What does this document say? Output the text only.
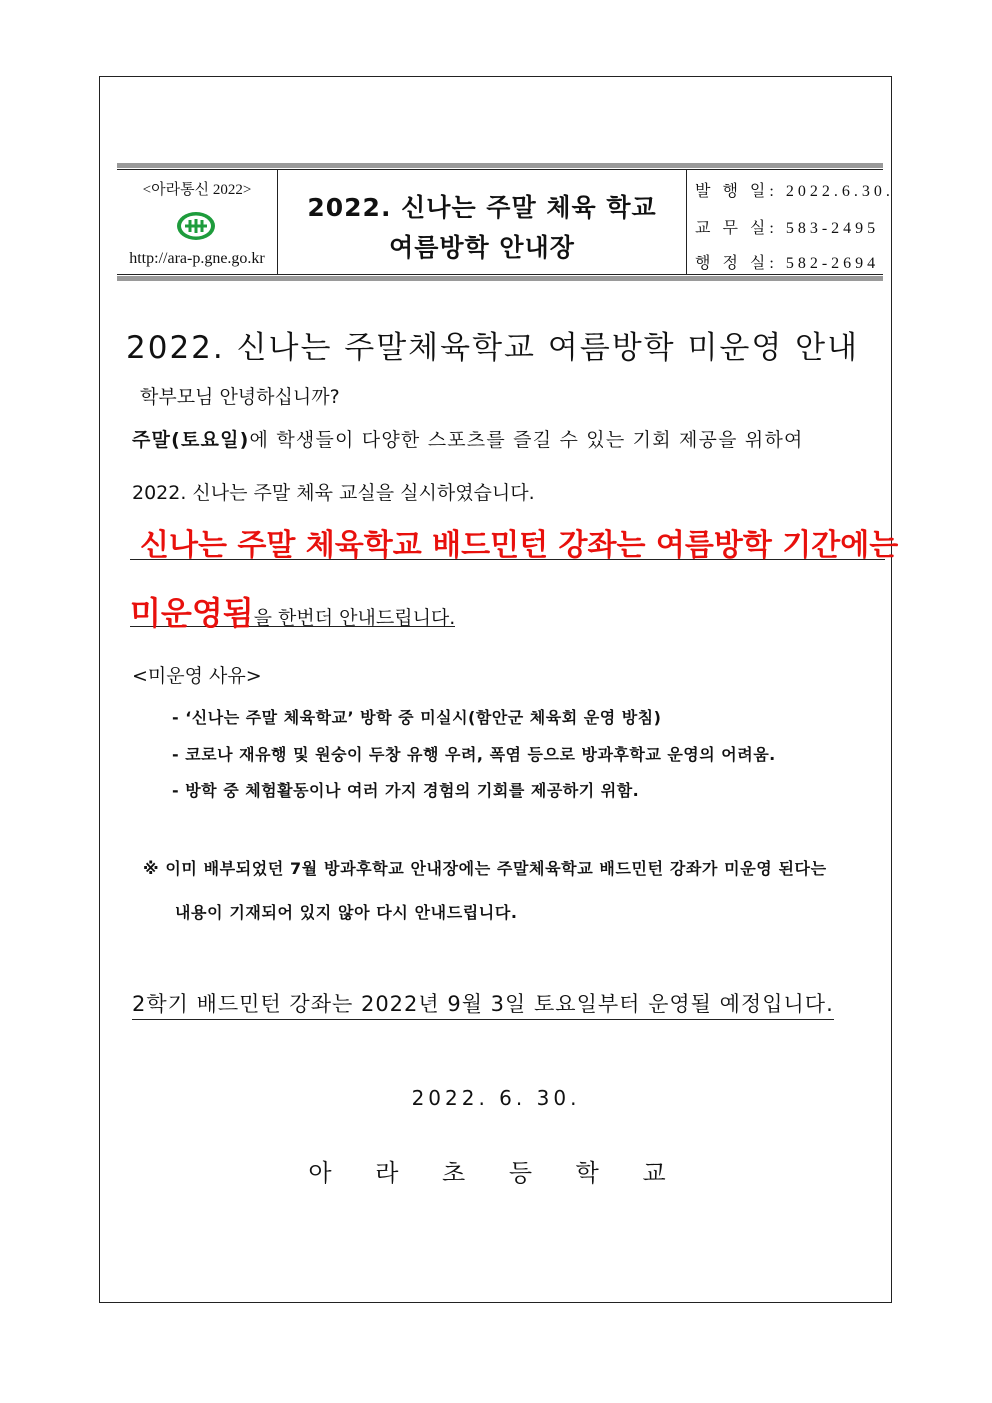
<아라통신 2022>
http://ara-p.gne.go.kr
2022. 신나는 주말 체육 학교
여름방학 안내장
발 행 일: 2022.6.30.
교 무 실: 583-2495
행 정 실: 582-2694
2022. 신나는 주말체육학교 여름방학 미운영 안내
학부모님 안녕하십니까?
주말(토요일)에 학생들이 다양한 스포츠를 즐길 수 있는 기회 제공을 위하여
2022. 신나는 주말 체육 교실을 실시하였습니다.
신나는 주말 체육학교 배드민턴 강좌는 여름방학 기간에는
미운영됨을 한번더 안내드립니다.
<미운영 사유>
- ‘신나는 주말 체육학교’ 방학 중 미실시(함안군 체육회 운영 방침)
- 코로나 재유행 및 원숭이 두창 유행 우려, 폭염 등으로 방과후학교 운영의 어려움.
- 방학 중 체험활동이나 여러 가지 경험의 기회를 제공하기 위함.
※ 이미 배부되었던 7월 방과후학교 안내장에는 주말체육학교 배드민턴 강좌가 미운영 된다는
내용이 기재되어 있지 않아 다시 안내드립니다.
2학기 배드민턴 강좌는 2022년 9월 3일 토요일부터 운영될 예정입니다.
2022. 6. 30.
아 라 초 등 학 교
